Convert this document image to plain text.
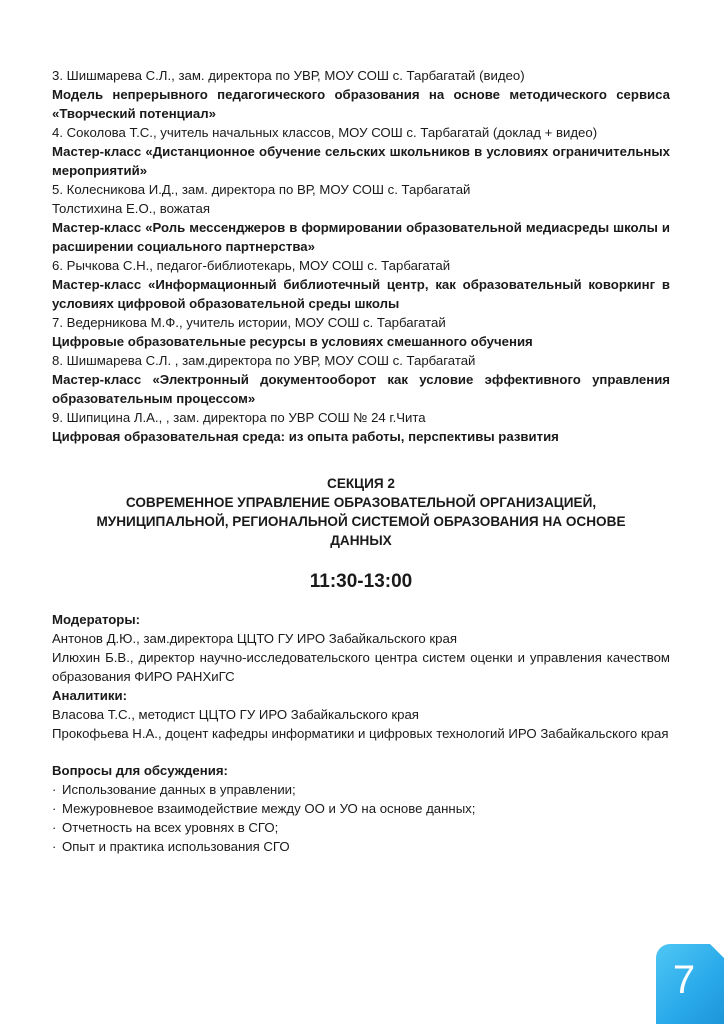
3. Шишмарева С.Л., зам. директора по УВР, МОУ СОШ с. Тарбагатай (видео)

Модель непрерывного педагогического образования на основе методического сервиса «Творческий потенциал»

4. Соколова Т.С., учитель начальных классов, МОУ СОШ с. Тарбагатай (доклад + видео)

Мастер-класс «Дистанционное обучение сельских школьников в условиях ограничительных мероприятий»

5. Колесникова И.Д., зам. директора по ВР, МОУ СОШ с. Тарбагатай

Толстихина Е.О., вожатая

Мастер-класс «Роль мессенджеров в формировании образовательной медиасреды школы и расширении социального партнерства»

6. Рычкова С.Н., педагог-библиотекарь, МОУ СОШ с. Тарбагатай

Мастер-класс «Информационный библиотечный центр, как образовательный коворкинг в условиях цифровой образовательной среды школы

7. Ведерникова М.Ф., учитель истории, МОУ СОШ с. Тарбагатай

Цифровые образовательные ресурсы в условиях смешанного обучения

8. Шишмарева С.Л. , зам.директора по УВР, МОУ СОШ с. Тарбагатай

Мастер-класс «Электронный документооборот как условие эффективного управления образовательным процессом»

9. Шипицина Л.А., , зам. директора по УВР СОШ № 24 г.Чита

Цифровая образовательная среда: из опыта работы, перспективы развития

СЕКЦИЯ 2
СОВРЕМЕННОЕ УПРАВЛЕНИЕ ОБРАЗОВАТЕЛЬНОЙ ОРГАНИЗАЦИЕЙ,
МУНИЦИПАЛЬНОЙ, РЕГИОНАЛЬНОЙ СИСТЕМОЙ ОБРАЗОВАНИЯ НА ОСНОВЕ
ДАННЫХ
11:30-13:00

Модераторы:

Антонов Д.Ю., зам.директора ЦЦТО ГУ ИРО Забайкальского края

Илюхин Б.В., директор научно-исследовательского центра систем оценки и управления качеством образования ФИРО РАНХиГС

Аналитики:

Власова Т.С., методист ЦЦТО ГУ ИРО Забайкальского края

Прокофьева Н.А., доцент кафедры информатики и цифровых технологий ИРО Забайкальского края

Вопросы для обсуждения:

· Использование данных в управлении;
· Межуровневое взаимодействие между ОО и УО на основе данных;
· Отчетность на всех уровнях в СГО;
· Опыт и практика использования СГО
7
